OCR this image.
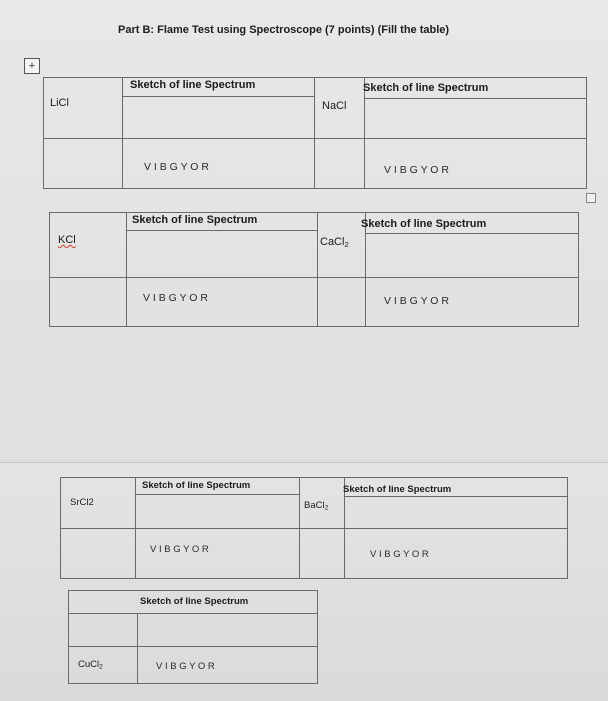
Part B: Flame Test using Spectroscope (7 points) (Fill the table)
+
Sketch of line Spectrum	Sketch of line Spectrum
LiCl	NaCl
V I B G Y O R	V I B G Y O R
Sketch of line Spectrum	Sketch of line Spectrum
KCl	CaCl$_2$
V I B G Y O R	V I B G Y O R
Sketch of line Spectrum	Sketch of line Spectrum
SrCl2	BaCl$_2$
V I B G Y O R	V I B G Y O R
Sketch of line Spectrum
CuCl$_2$	V I B G Y O R
